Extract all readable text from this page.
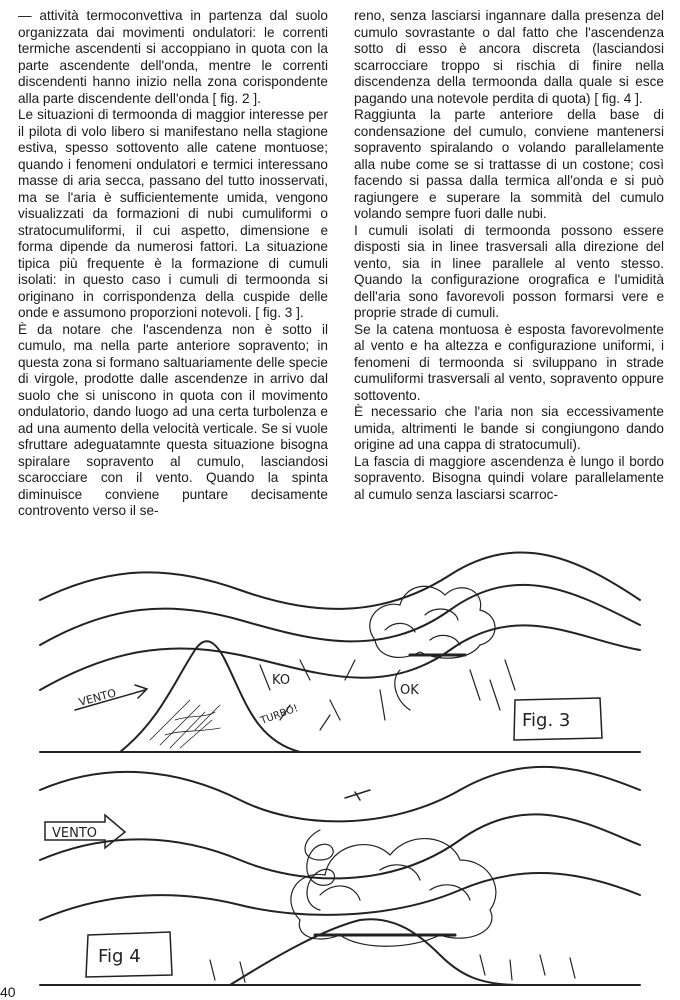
— attività termoconvettiva in partenza dal suolo organizzata dai movimenti ondulatori: le correnti termiche ascendenti si accoppiano in quota con la parte ascendente dell'onda, mentre le correnti discendenti hanno inizio nella zona corispondente alla parte discendente dell'onda [ fig. 2 ].

Le situazioni di termoonda di maggior interesse per il pilota di volo libero si manifestano nella stagione estiva, spesso sottovento alle catene montuose; quando i fenomeni ondulatori e termici interessano masse di aria secca, passano del tutto inosservati, ma se l'aria è sufficientemente umida, vengono visualizzati da formazioni di nubi cumuliformi o stratocumuliformi, il cui aspetto, dimensione e forma dipende da numerosi fattori. La situazione tipica più frequente è la formazione di cumuli isolati: in questo caso i cumuli di termoonda si originano in corrispondenza della cuspide delle onde e assumono proporzioni notevoli. [ fig. 3 ].

È da notare che l'ascendenza non è sotto il cumulo, ma nella parte anteriore sopravento; in questa zona si formano saltuariamente delle specie di virgole, prodotte dalle ascendenze in arrivo dal suolo che si uniscono in quota con il movimento ondulatorio, dando luogo ad una certa turbolenza e ad una aumento della velocità verticale. Se si vuole sfruttare adeguatamnte questa situazione bisogna spiralare sopravento al cumulo, lasciandosi scarocciare con il vento. Quando la spinta diminuisce conviene puntare decisamente controvento verso il se-

reno, senza lasciarsi ingannare dalla presenza del cumulo sovrastante o dal fatto che l'ascendenza sotto di esso è ancora discreta (lasciandosi scarrocciare troppo si rischia di finire nella discendenza della termoonda dalla quale si esce pagando una notevole perdita di quota) [ fig. 4 ].

Raggiunta la parte anteriore della base di condensazione del cumulo, conviene mantenersi sopravento spiralando o volando parallelamente alla nube come se si trattasse di un costone; così facendo si passa dalla termica all'onda e si può ragiungere e superare la sommità del cumulo volando sempre fuori dalle nubi.

I cumuli isolati di termoonda possono essere disposti sia in linee trasversali alla direzione del vento, sia in linee parallele al vento stesso. Quando la configurazione orografica e l'umidità dell'aria sono favorevoli posson formarsi vere e proprie strade di cumuli.

Se la catena montuosa è esposta favorevolmente al vento e ha altezza e configurazione uniformi, i fenomeni di termoonda si sviluppano in strade cumuliformi trasversali al vento, sopravento oppure sottovento.

È necessario che l'aria non sia eccessivamente umida, altrimenti le bande si congiungono dando origine ad una cappa di stratocumuli).

La fascia di maggiore ascendenza è lungo il bordo sopravento. Bisogna quindi volare parallelamente al cumulo senza lasciarsi scarroc-

Fig. 3
VENTO
KO
TURBO!
OK
VENTO
Fig 4
40
